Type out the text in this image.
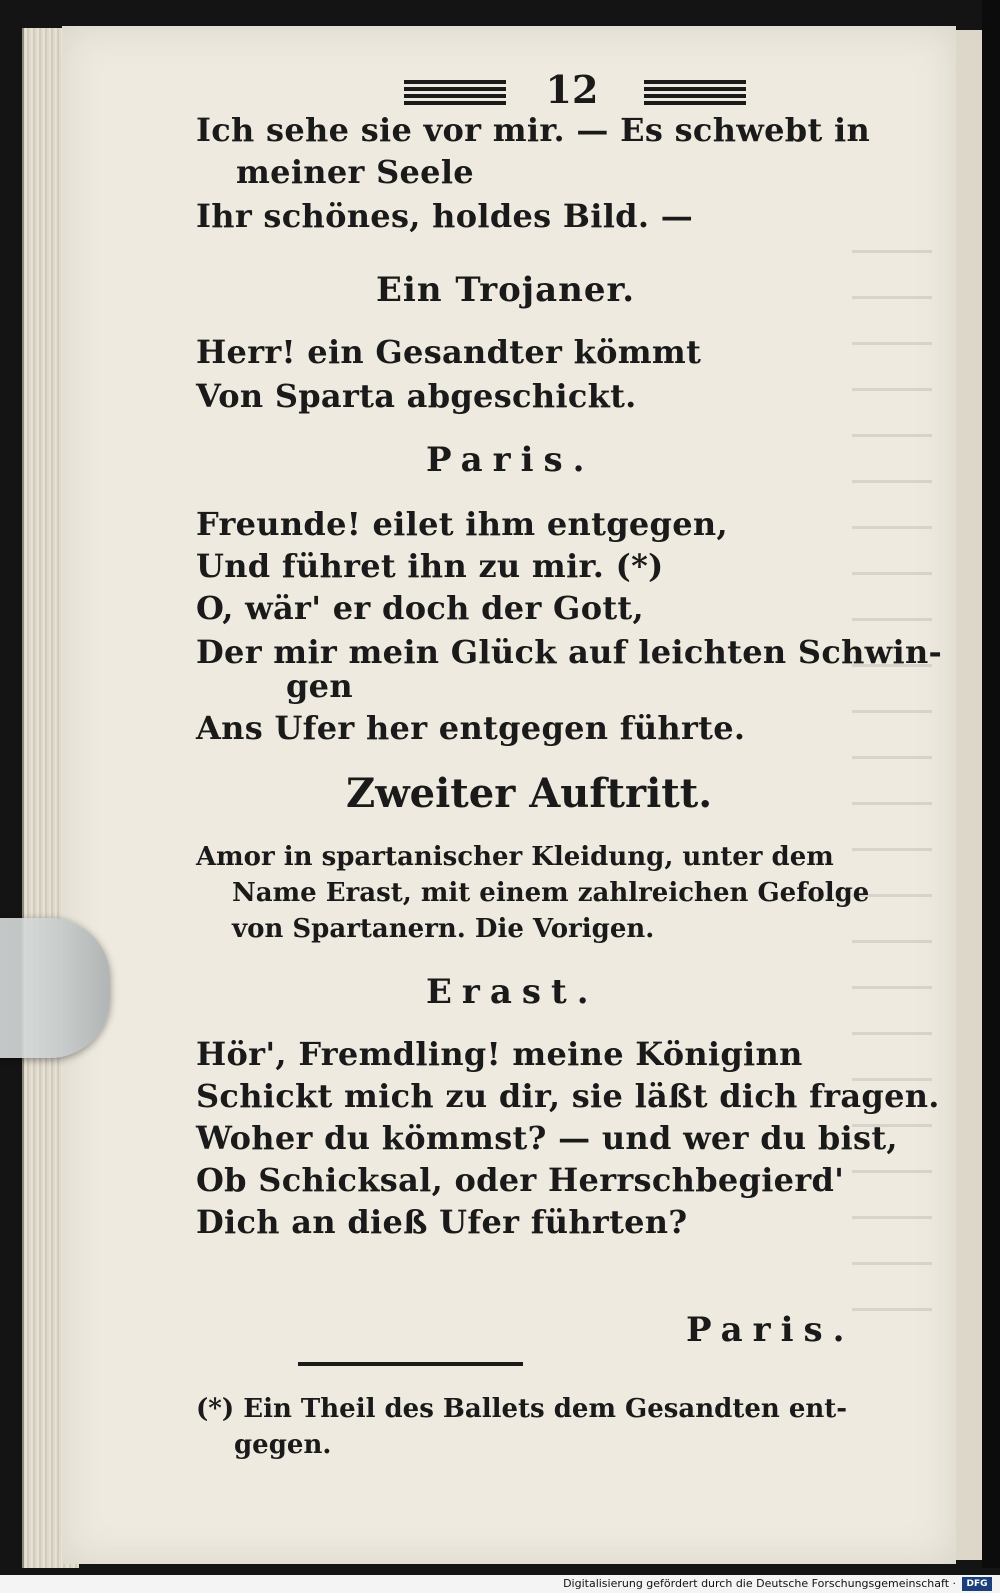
12
Ich sehe sie vor mir. — Es schwebt in
meiner Seele
Ihr schönes, holdes Bild. —
Ein Trojaner.
Herr! ein Gesandter kömmt
Von Sparta abgeschickt.
Paris.
Freunde! eilet ihm entgegen,
Und führet ihn zu mir. (*)
O, wär' er doch der Gott,
Der mir mein Glück auf leichten Schwin-
gen
Ans Ufer her entgegen führte.
Zweiter Auftritt.
Amor in spartanischer Kleidung, unter dem
Name Erast, mit einem zahlreichen Gefolge
von Spartanern. Die Vorigen.
Erast.
Hör', Fremdling! meine Königinn
Schickt mich zu dir, sie läßt dich fragen.
Woher du kömmst? — und wer du bist,
Ob Schicksal, oder Herrschbegierd'
Dich an dieß Ufer führten?
Paris.
(*) Ein Theil des Ballets dem Gesandten ent-
gegen.
Digitalisierung gefördert durch die Deutsche Forschungsgemeinschaft ·	DFG
